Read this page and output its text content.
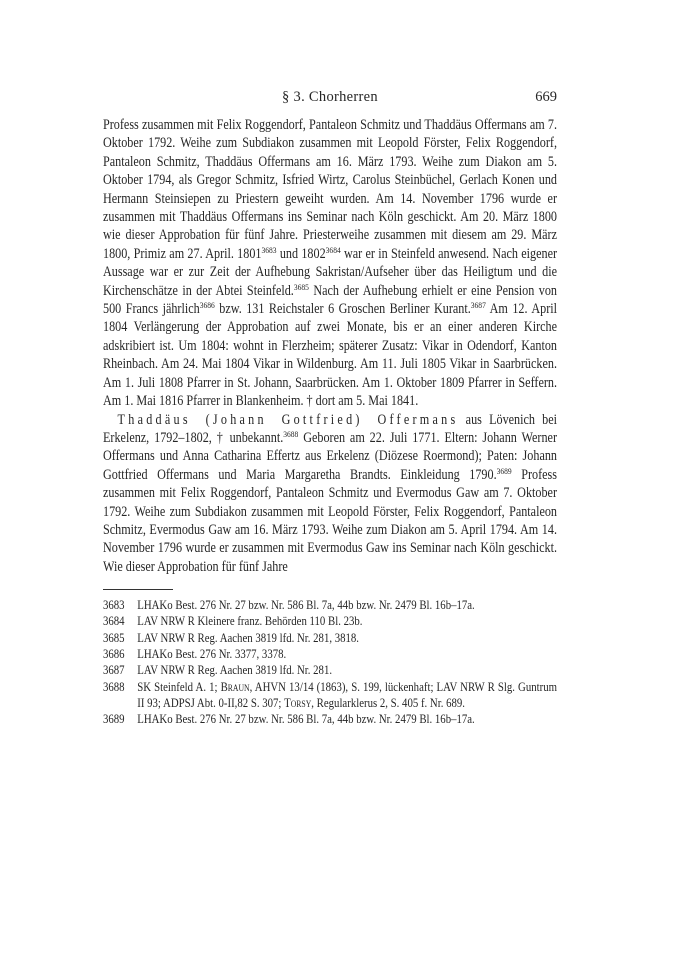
§ 3. Chorherren	669

Profess zusammen mit Felix Roggendorf, Pantaleon Schmitz und Thaddäus Offermans am 7. Oktober 1792. Weihe zum Subdiakon zusammen mit Leopold Förster, Felix Roggendorf, Pantaleon Schmitz, Thaddäus Offermans am 16. März 1793. Weihe zum Diakon am 5. Oktober 1794, als Gregor Schmitz, Isfried Wirtz, Carolus Steinbüchel, Gerlach Konen und Hermann Steinsiepen zu Priestern geweiht wurden. Am 14. November 1796 wurde er zusammen mit Thaddäus Offermans ins Seminar nach Köln geschickt. Am 20. März 1800 wie dieser Approbation für fünf Jahre. Priesterweihe zusammen mit diesem am 29. März 1800, Primiz am 27. April. 1801$^{3683}$ und 1802$^{3684}$ war er in Steinfeld anwesend. Nach eigener Aussage war er zur Zeit der Aufhebung Sakristan/Aufseher über das Heiligtum und die Kirchenschätze in der Abtei Steinfeld.$^{3685}$ Nach der Aufhebung erhielt er eine Pension von 500 Francs jährlich$^{3686}$ bzw. 131 Reichstaler 6 Groschen Berliner Kurant.$^{3687}$ Am 12. April 1804 Verlängerung der Approbation auf zwei Monate, bis er an einer anderen Kirche adskribiert ist. Um 1804: wohnt in Flerzheim; späterer Zusatz: Vikar in Odendorf, Kanton Rheinbach. Am 24. Mai 1804 Vikar in Wildenburg. Am 11. Juli 1805 Vikar in Saarbrücken. Am 1. Juli 1808 Pfarrer in St. Johann, Saarbrücken. Am 1. Oktober 1809 Pfarrer in Seffern. Am 1. Mai 1816 Pfarrer in Blankenheim. † dort am 5. Mai 1841.

Thaddäus (Johann Gottfried) Offermans aus Lövenich bei Erkelenz, 1792–1802, † unbekannt.$^{3688}$ Geboren am 22. Juli 1771. Eltern: Johann Werner Offermans und Anna Catharina Effertz aus Erkelenz (Diözese Roermond); Paten: Johann Gottfried Offermans und Maria Margaretha Brandts. Einkleidung 1790.$^{3689}$ Profess zusammen mit Felix Roggendorf, Pantaleon Schmitz und Evermodus Gaw am 7. Oktober 1792. Weihe zum Subdiakon zusammen mit Leopold Förster, Felix Roggendorf, Pantaleon Schmitz, Evermodus Gaw am 16. März 1793. Weihe zum Diakon am 5. April 1794. Am 14. November 1796 wurde er zusammen mit Evermodus Gaw ins Seminar nach Köln geschickt. Wie dieser Approbation für fünf Jahre

3683	LHAKo Best. 276 Nr. 27 bzw. Nr. 586 Bl. 7a, 44b bzw. Nr. 2479 Bl. 16b–17a.
3684	LAV NRW R Kleinere franz. Behörden 110 Bl. 23b.
3685	LAV NRW R Reg. Aachen 3819 lfd. Nr. 281, 3818.
3686	LHAKo Best. 276 Nr. 3377, 3378.
3687	LAV NRW R Reg. Aachen 3819 lfd. Nr. 281.
3688	SK Steinfeld A. 1; Braun, AHVN 13/14 (1863), S. 199, lückenhaft; LAV NRW R Slg. Guntrum II 93; ADPSJ Abt. 0-II,82 S. 307; Torsy, Regularklerus 2, S. 405 f. Nr. 689.
3689	LHAKo Best. 276 Nr. 27 bzw. Nr. 586 Bl. 7a, 44b bzw. Nr. 2479 Bl. 16b–17a.
